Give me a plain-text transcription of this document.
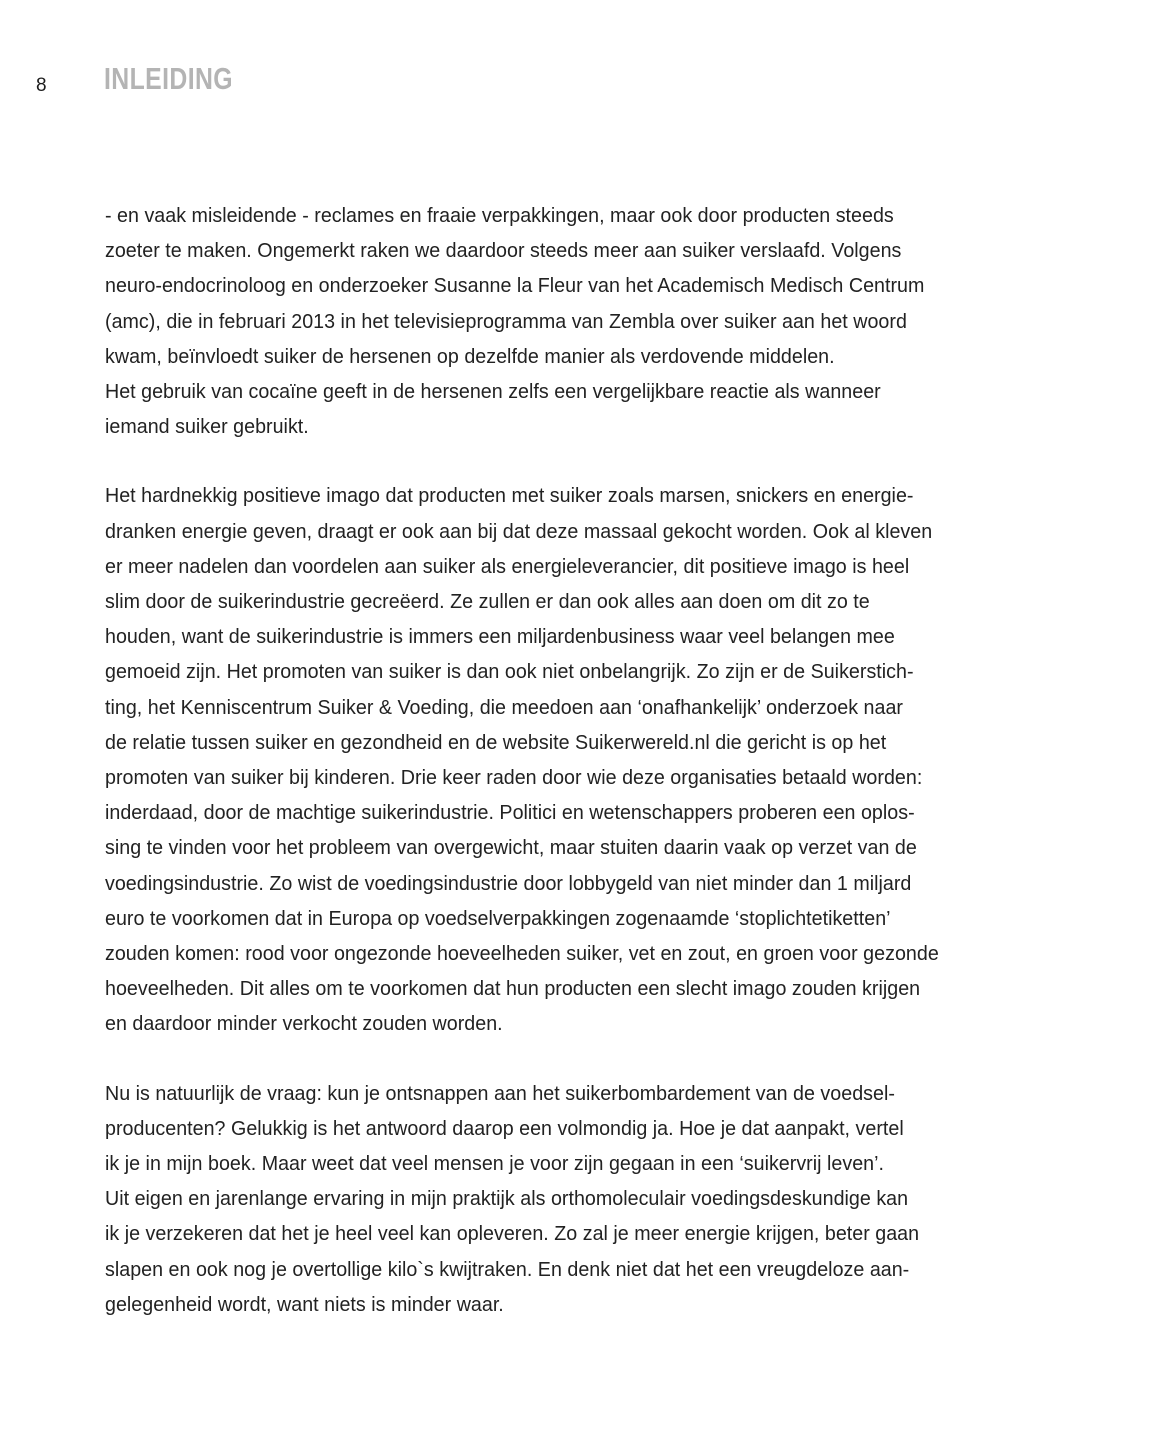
8 INLEIDING

- en vaak misleidende - reclames en fraaie verpakkingen, maar ook door producten steeds
zoeter te maken. Ongemerkt raken we daardoor steeds meer aan suiker verslaafd. Volgens
neuro-endocrinoloog en onderzoeker Susanne la Fleur van het Academisch Medisch Centrum
(amc), die in februari 2013 in het televisieprogramma van Zembla over suiker aan het woord
kwam, beïnvloedt suiker de hersenen op dezelfde manier als verdovende middelen.
Het gebruik van cocaïne geeft in de hersenen zelfs een vergelijkbare reactie als wanneer
iemand suiker gebruikt.

Het hardnekkig positieve imago dat producten met suiker zoals marsen, snickers en energie-
dranken energie geven, draagt er ook aan bij dat deze massaal gekocht worden. Ook al kleven
er meer nadelen dan voordelen aan suiker als energieleverancier, dit positieve imago is heel
slim door de suikerindustrie gecreëerd. Ze zullen er dan ook alles aan doen om dit zo te
houden, want de suikerindustrie is immers een miljardenbusiness waar veel belangen mee
gemoeid zijn. Het promoten van suiker is dan ook niet onbelangrijk. Zo zijn er de Suikerstich-
ting, het Kenniscentrum Suiker & Voeding, die meedoen aan ‘onafhankelijk’ onderzoek naar
de relatie tussen suiker en gezondheid en de website Suikerwereld.nl die gericht is op het
promoten van suiker bij kinderen. Drie keer raden door wie deze organisaties betaald worden:
inderdaad, door de machtige suikerindustrie. Politici en wetenschappers proberen een oplos-
sing te vinden voor het probleem van overgewicht, maar stuiten daarin vaak op verzet van de
voedingsindustrie. Zo wist de voedingsindustrie door lobbygeld van niet minder dan 1 miljard
euro te voorkomen dat in Europa op voedselverpakkingen zogenaamde ‘stoplichtetiketten’
zouden komen: rood voor ongezonde hoeveelheden suiker, vet en zout, en groen voor gezonde
hoeveelheden. Dit alles om te voorkomen dat hun producten een slecht imago zouden krijgen
en daardoor minder verkocht zouden worden.

Nu is natuurlijk de vraag: kun je ontsnappen aan het suikerbombardement van de voedsel-
producenten? Gelukkig is het antwoord daarop een volmondig ja. Hoe je dat aanpakt, vertel
ik je in mijn boek. Maar weet dat veel mensen je voor zijn gegaan in een ‘suikervrij leven’.
Uit eigen en jarenlange ervaring in mijn praktijk als orthomoleculair voedingsdeskundige kan
ik je verzekeren dat het je heel veel kan opleveren. Zo zal je meer energie krijgen, beter gaan
slapen en ook nog je overtollige kilo`s kwijtraken. En denk niet dat het een vreugdeloze aan-
gelegenheid wordt, want niets is minder waar.
